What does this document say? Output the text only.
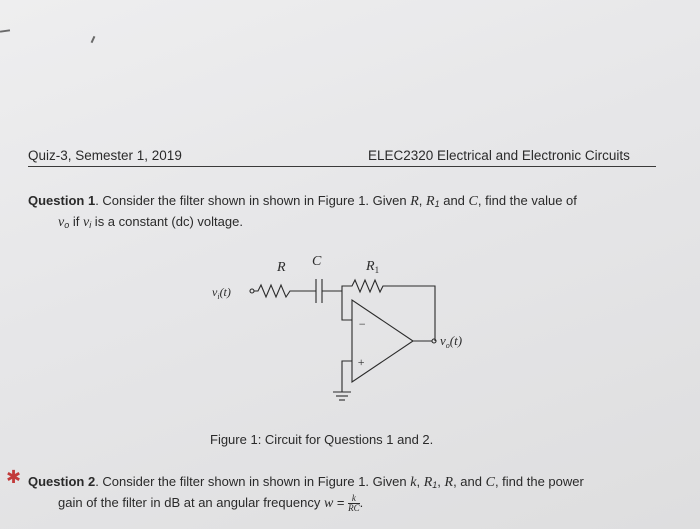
Quiz-3, Semester 1, 2019	ELEC2320 Electrical and Electronic Circuits
Question 1. Consider the filter shown in shown in Figure 1. Given R, $R_1$ and C, find the value of
$v_o$ if $v_i$ is a constant (dc) voltage.
R C	$R_1$
$v_i(t)$
$v_o(t)$
−
+
Figure 1: Circuit for Questions 1 and 2.
✱ Question 2. Consider the filter shown in shown in Figure 1. Given k, $R_1$, R, and C, find the power
gain of the filter in dB at an angular frequency $w = \frac{k}{RC}$ .
